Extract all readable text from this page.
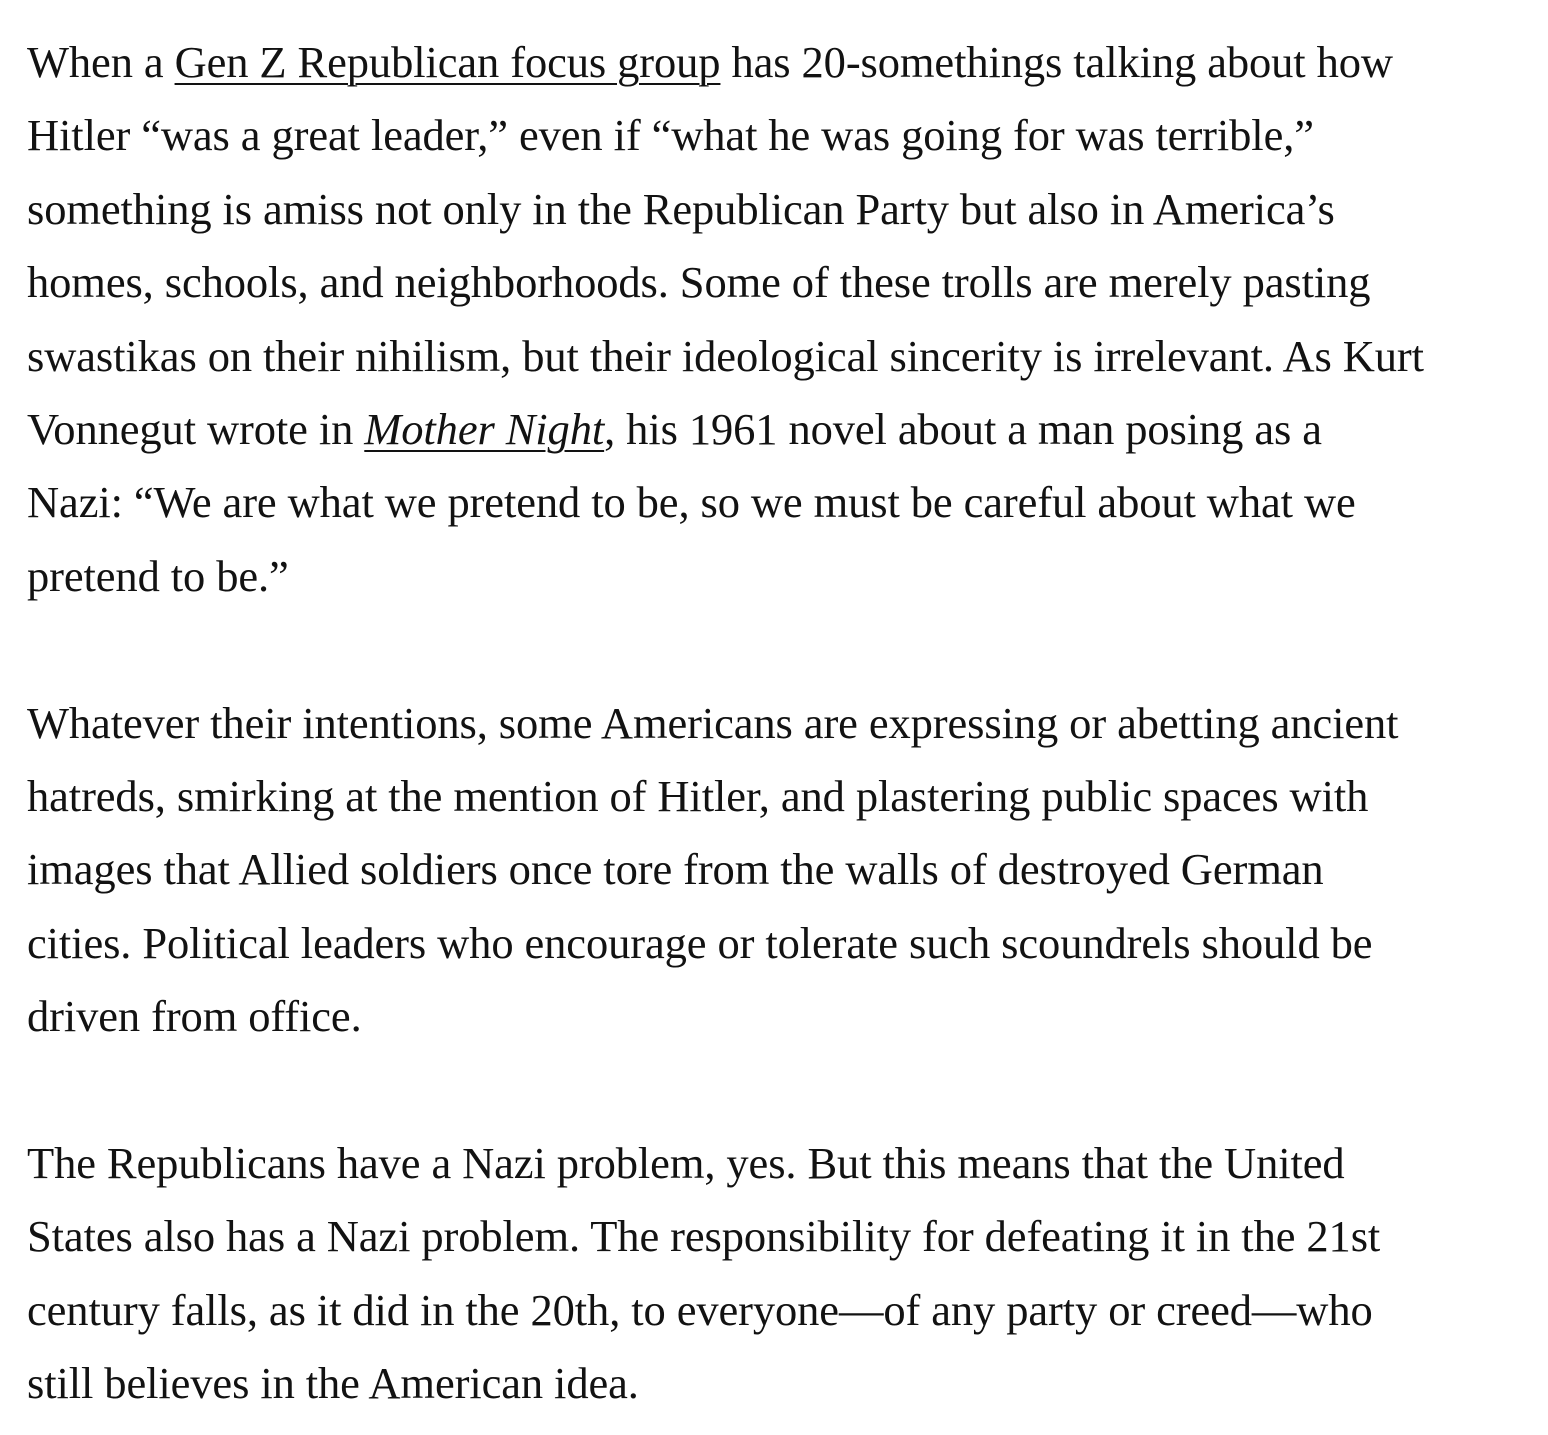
When a Gen Z Republican focus group has 20-somethings talking about how
Hitler “was a great leader,” even if “what he was going for was terrible,”
something is amiss not only in the Republican Party but also in America’s
homes, schools, and neighborhoods. Some of these trolls are merely pasting
swastikas on their nihilism, but their ideological sincerity is irrelevant. As Kurt
Vonnegut wrote in Mother Night, his 1961 novel about a man posing as a
Nazi: “We are what we pretend to be, so we must be careful about what we
pretend to be.”

Whatever their intentions, some Americans are expressing or abetting ancient
hatreds, smirking at the mention of Hitler, and plastering public spaces with
images that Allied soldiers once tore from the walls of destroyed German
cities. Political leaders who encourage or tolerate such scoundrels should be
driven from office.

The Republicans have a Nazi problem, yes. But this means that the United
States also has a Nazi problem. The responsibility for defeating it in the 21st
century falls, as it did in the 20th, to everyone—of any party or creed—who
still believes in the American idea.
